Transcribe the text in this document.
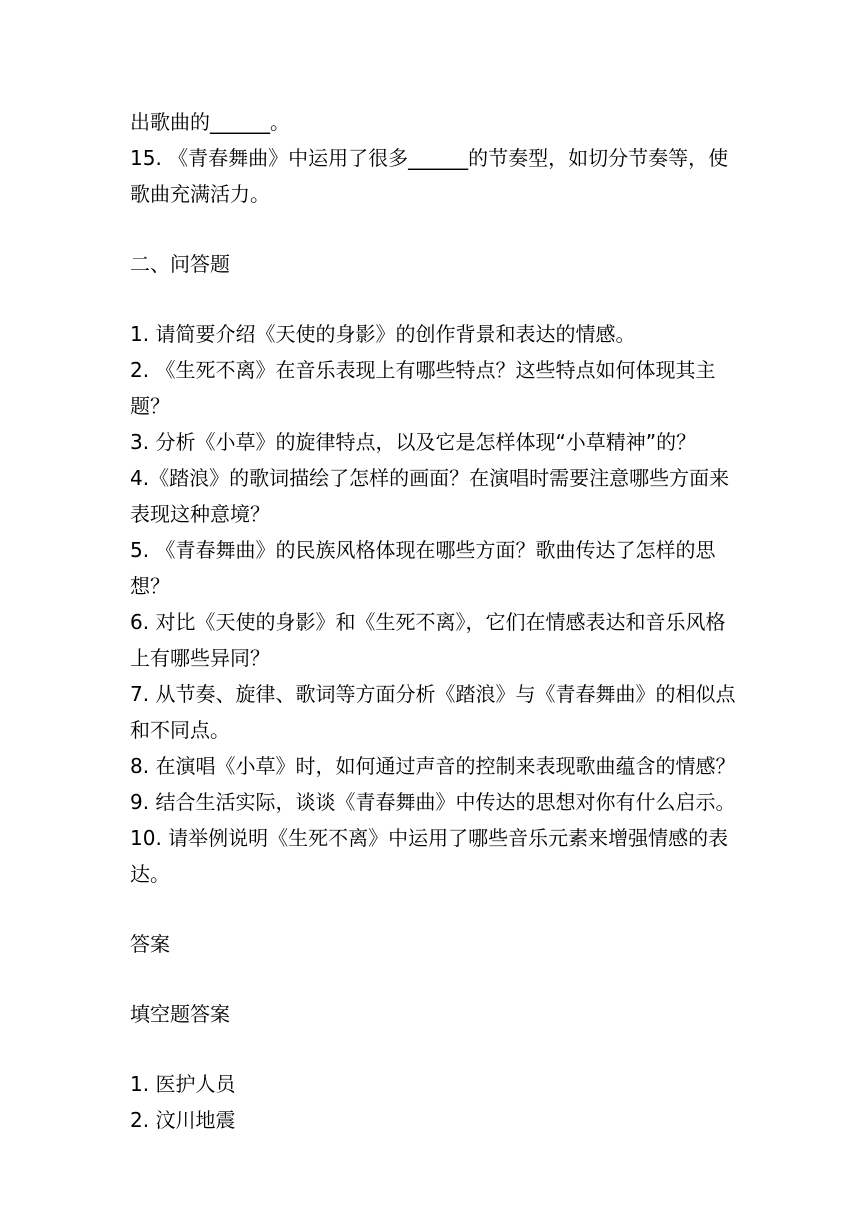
出歌曲的______。
15. 《青春舞曲》中运用了很多______的节奏型，如切分节奏等，使
歌曲充满活力。
二、问答题
1. 请简要介绍《天使的身影》的创作背景和表达的情感。
2. 《生死不离》在音乐表现上有哪些特点？这些特点如何体现其主
题？
3. 分析《小草》的旋律特点，以及它是怎样体现“小草精神”的？
4.《踏浪》的歌词描绘了怎样的画面？在演唱时需要注意哪些方面来
表现这种意境？
5. 《青春舞曲》的民族风格体现在哪些方面？歌曲传达了怎样的思
想？
6. 对比《天使的身影》和《生死不离》，它们在情感表达和音乐风格
上有哪些异同？
7. 从节奏、旋律、歌词等方面分析《踏浪》与《青春舞曲》的相似点
和不同点。
8. 在演唱《小草》时，如何通过声音的控制来表现歌曲蕴含的情感？
9. 结合生活实际，谈谈《青春舞曲》中传达的思想对你有什么启示。
10. 请举例说明《生死不离》中运用了哪些音乐元素来增强情感的表
达。
答案
填空题答案
1. 医护人员
2. 汶川地震
